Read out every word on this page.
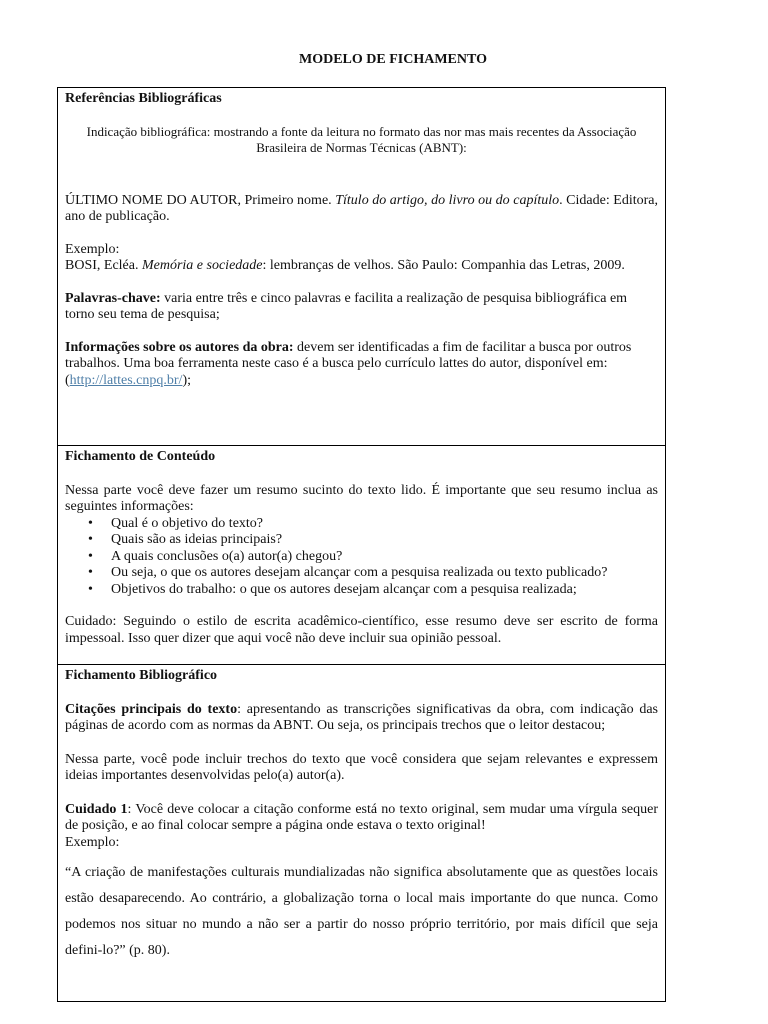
MODELO DE FICHAMENTO

Referências Bibliográficas

Indicação bibliográfica: mostrando a fonte da leitura no formato das nor mas mais recentes da Associação Brasileira de Normas Técnicas (ABNT):

ÚLTIMO NOME DO AUTOR, Primeiro nome. Título do artigo, do livro ou do capítulo. Cidade: Editora, ano de publicação.

Exemplo:

BOSI, Ecléa. Memória e sociedade: lembranças de velhos. São Paulo: Companhia das Letras, 2009.

Palavras-chave: varia entre três e cinco palavras e facilita a realização de pesquisa bibliográfica em torno seu tema de pesquisa;

Informações sobre os autores da obra: devem ser identificadas a fim de facilitar a busca por outros trabalhos. Uma boa ferramenta neste caso é a busca pelo currículo lattes do autor, disponível em: (http://lattes.cnpq.br/);

Fichamento de Conteúdo

Nessa parte você deve fazer um resumo sucinto do texto lido. É importante que seu resumo inclua as seguintes informações:

• Qual é o objetivo do texto?
• Quais são as ideias principais?
• A quais conclusões o(a) autor(a) chegou?
• Ou seja, o que os autores desejam alcançar com a pesquisa realizada ou texto publicado?
• Objetivos do trabalho: o que os autores desejam alcançar com a pesquisa realizada;

Cuidado: Seguindo o estilo de escrita acadêmico-científico, esse resumo deve ser escrito de forma impessoal. Isso quer dizer que aqui você não deve incluir sua opinião pessoal.

Fichamento Bibliográfico

Citações principais do texto: apresentando as transcrições significativas da obra, com indicação das páginas de acordo com as normas da ABNT. Ou seja, os principais trechos que o leitor destacou;

Nessa parte, você pode incluir trechos do texto que você considera que sejam relevantes e expressem ideias importantes desenvolvidas pelo(a) autor(a).

Cuidado 1: Você deve colocar a citação conforme está no texto original, sem mudar uma vírgula sequer de posição, e ao final colocar sempre a página onde estava o texto original!

Exemplo:

“A criação de manifestações culturais mundializadas não significa absolutamente que as questões locais estão desaparecendo. Ao contrário, a globalização torna o local mais importante do que nunca. Como podemos nos situar no mundo a não ser a partir do nosso próprio território, por mais difícil que seja defini-lo?” (p. 80).
